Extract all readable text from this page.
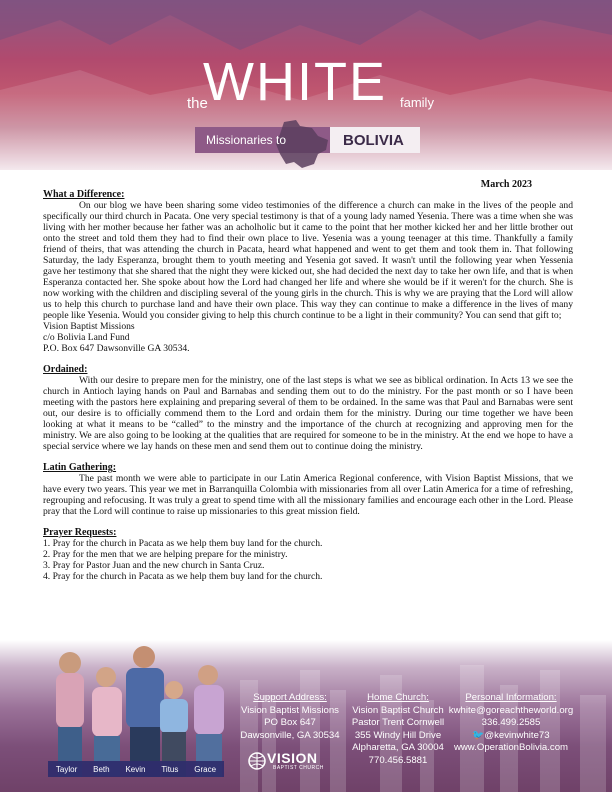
the
WHITE family
Missionaries to	BOLIVIA
March 2023
What a Difference:

On our blog we have been sharing some video testimonies of the difference a church can make in the lives of the people and specifically our third church in Pacata. One very special testimony is that of a young lady named Yesenia. There was a time when she was living with her mother because her father was an acholholic but it came to the point that her mother kicked her and her little brother out onto the street and told them they had to find their own place to live. Yesenia was a young teenager at this time. Thankfully a family friend of theirs, that was attending the church in Pacata, heard what happened and went to get them and took them in. That following Saturday, the lady Esperanza, brought them to youth meeting and Yesenia got saved. It wasn't until the following year when Yessenia gave her testimony that she shared that the night they were kicked out, she had decided the next day to take her own life, and that is when Esperanza contacted her. She spoke about how the Lord had changed her life and where she would be if it weren't for the church. She is now working with the children and discipling several of the young girls in the church. This is why we are praying that the Lord will allow us to help this church to purchase land and have their own place. This way they can continue to make a difference in the lives of many people like Yesenia. Would you consider giving to help this church continue to be a light in their community? You can send that gift to;

Vision Baptist Missions
c/o Bolivia Land Fund
P.O. Box 647 Dawsonville GA 30534.
Ordained:

With our desire to prepare men for the ministry, one of the last steps is what we see as biblical ordination. In Acts 13 we see the church in Antioch laying hands on Paul and Barnabas and sending them out to do the ministry. For the past month or so I have been meeting with the pastors here explaining and preparing several of them to be ordained. In the same was that Paul and Barnabas were sent out, our desire is to officially commend them to the Lord and ordain them for the ministry. During our time together we have been looking at what it means to be “called” to the minstry and the importance of the church at recognizing and approving men for the ministry. We are also going to be looking at the qualities that are required for someone to be in the ministry. At the end we hope to have a special service where we lay hands on these men and send them out to continue doing the ministry.

Latin Gathering:

The past month we were able to participate in our Latin America Regional conference, with Vision Baptist Missions, that we have every two years. This year we met in Barranquilla Colombia with missionaries from all over Latin America for a time of refreshing, regrouping and refocusing. It was truly a great to spend time with all the missionary families and encourage each other in the Lord. Please pray that the Lord will continue to raise up missionaries to this great mission field.

Prayer Requests:
1. Pray for the church in Pacata as we help them buy land for the church.
2. Pray for the men that we are helping prepare for the ministry.
3. Pray for Pastor Juan and the new church in Santa Cruz.
4. Pray for the church in Pacata as we help them buy land for the church.
Taylor Beth Kevin Titus Grace
Support Address:
Vision Baptist Missions
PO Box 647
Dawsonville, GA 30534
Home Church:
Vision Baptist Church
Pastor Trent Cornwell
355 Windy Hill Drive
Alpharetta, GA 30004
770.456.5881
Personal Information:
kwhite@goreachtheworld.org
336.499.2585
🐦@kevinwhite73
www.OperationBolivia.com
VISION
BAPTIST CHURCH
